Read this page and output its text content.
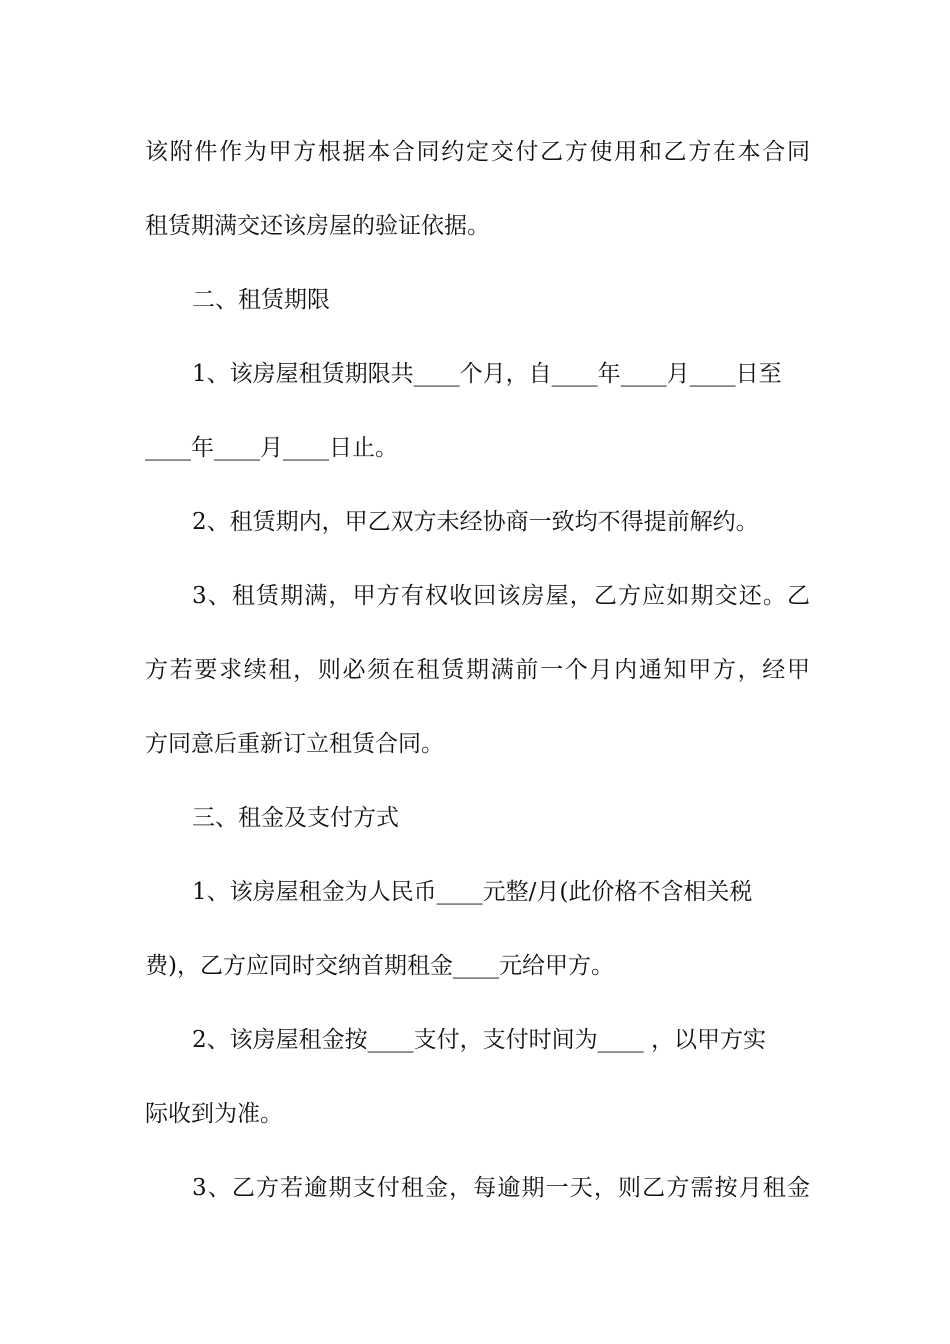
该附件作为甲方根据本合同约定交付乙方使用和乙方在本合同
租赁期满交还该房屋的验证依据。
二、租赁期限
1、该房屋租赁期限共____个月，自____年____月____日至
____年____月____日止。
2、租赁期内，甲乙双方未经协商一致均不得提前解约。
3、租赁期满，甲方有权收回该房屋，乙方应如期交还。乙
方若要求续租，则必须在租赁期满前一个月内通知甲方，经甲
方同意后重新订立租赁合同。
三、租金及支付方式
1、该房屋租金为人民币____元整/月(此价格不含相关税
费)，乙方应同时交纳首期租金____元给甲方。
2、该房屋租金按____支付，支付时间为____ ，以甲方实
际收到为准。
3、乙方若逾期支付租金，每逾期一天，则乙方需按月租金
